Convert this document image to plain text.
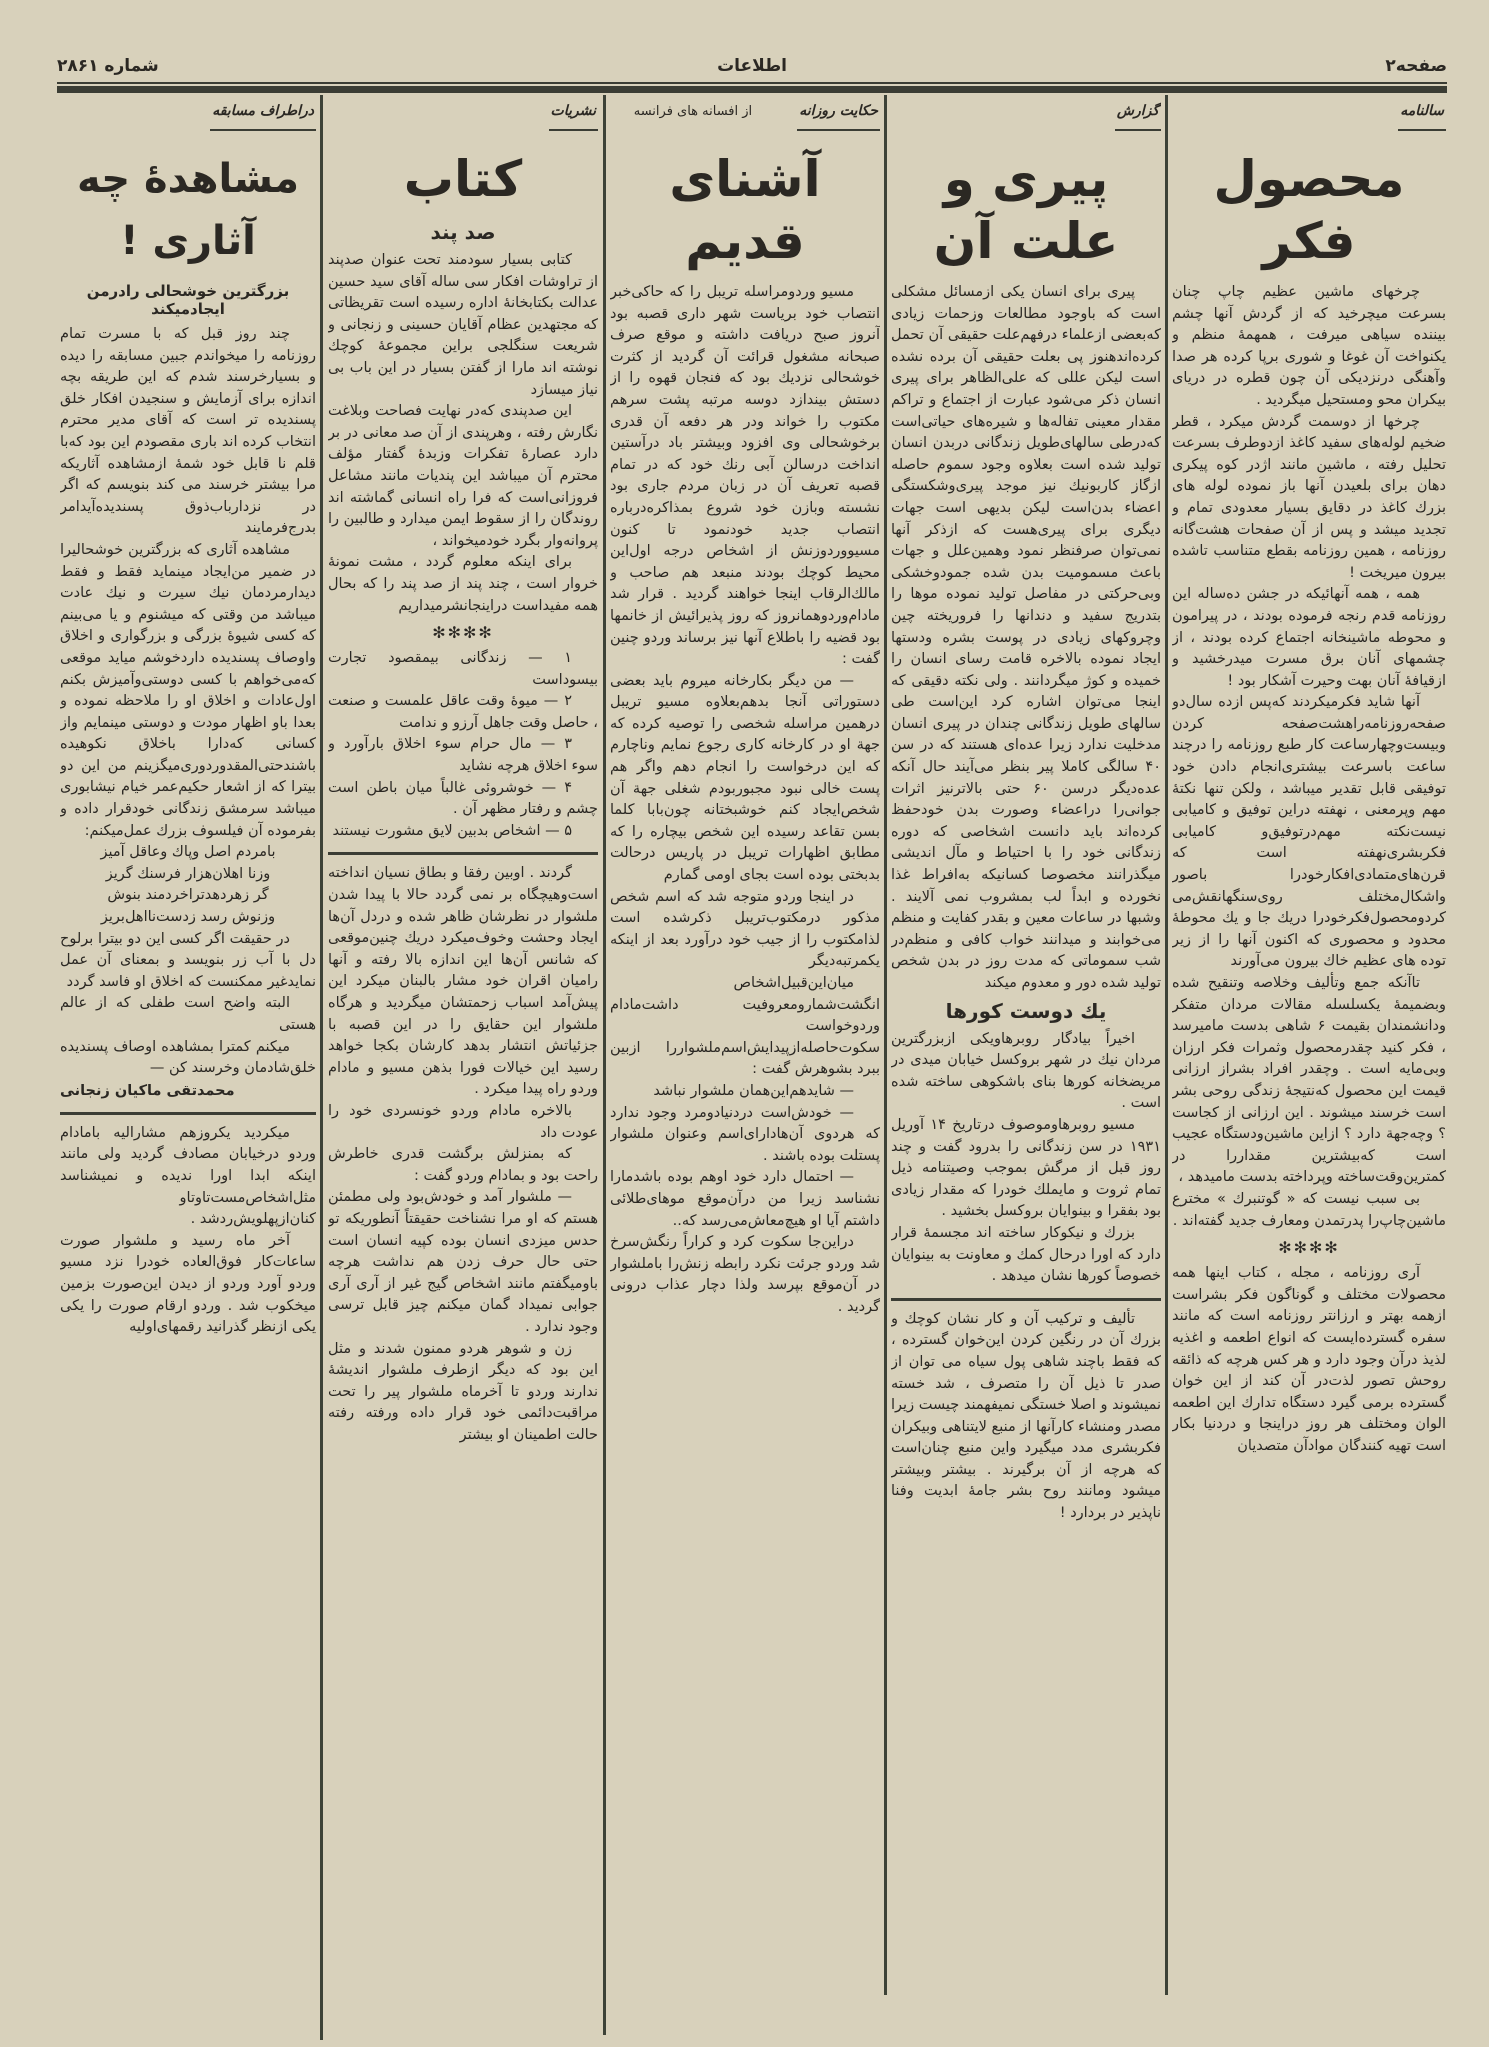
صفحه۲
اطلاعات
شماره ۲۸۶۱
سالنامه
محصول فکر

چرخهای ماشین عظیم چاپ چنان بسرعت میچرخید که از گردش آنها چشم بیننده سیاهی میرفت ، همهمهٔ منظم و یکنواخت آن غوغا و شوری برپا کرده هر صدا وآهنگی درنزدیکی آن چون قطره در دریای بیکران محو ومستحیل میگردید .

چرخها از دوسمت گردش میکرد ، قطر ضخیم لوله‌های سفید کاغذ ازدوطرف بسرعت تحلیل رفته ، ماشین مانند اژدر کوه پیکری دهان برای بلعیدن آنها باز نموده لوله های بزرك کاغذ در دقایق بسیار معدودی تمام و تجدید میشد و پس از آن صفحات هشت‌گانه روزنامه ، همین روزنامه بقطع متناسب تاشده بیرون میریخت !

همه ، همه آنهائیکه در جشن ده‌ساله این روزنامه قدم رنجه فرموده بودند ، در پیرامون و محوطه ماشینخانه اجتماع کرده بودند ، از چشمهای آنان برق مسرت میدرخشید و ازقیافهٔ آنان بهت وحیرت آشکار بود !

آنها شاید فکرمیکردند که‌پس ازده سال‌دو صفحه‌روزنامه‌راهشت‌صفحه کردن وبیست‌وچهارساعت کار طبع روزنامه را درچند ساعت باسرعت بیشتری‌انجام دادن خود توفیقی قابل تقدیر میباشد ، ولکن تنها نکتهٔ مهم وپرمعنی ، نهفته دراین توفیق و کامیابی نیست‌نکته مهم‌درتوفیق‌و کامیابی فکربشری‌نهفته است که قرن‌های‌متمادی‌افکارخودرا باصور واشکال‌مختلف روی‌سنگها‌نقش‌می کردومحصول‌فکرخودرا دریك جا و يك محوطهٔ محدود و محصوری که اکنون آنها را از زیر توده های عظیم خاك بیرون می‌آورند

تاآنکه جمع وتألیف وخلاصه وتنقیح شده وبضمیمهٔ یکسلسله مقالات مردان متفکر ودانشمندان بقیمت ۶ شاهی بدست مامیرسد ، فکر کنید چقدرمحصول وثمرات فکر ارزان وبی‌مایه است . وچقدر افراد بشراز ارزانی قیمت این محصول که‌نتیجهٔ زندگی روحی بشر است خرسند میشوند . این ارزانی از کجاست ؟ وچه‌جهة دارد ؟ ازاین ماشین‌ودستگاه عجیب است که‌بیشترین مقداررا در کمترین‌وقت‌ساخته وپرداخته بدست مامیدهد ،

بی سبب نیست که « گوتنبرك » مخترع ماشین‌چاپ‌را پدرتمدن ومعارف جدید گفته‌اند .

✻✻✻✻

آری روزنامه ، مجله ، کتاب اینها همه محصولات مختلف و گوناگون فکر بشراست ازهمه بهتر و ارزانتر روزنامه است که مانند سفره گسترده‌ایست که انواع اطعمه و اغذیه لذیذ درآن وجود دارد و هر کس هرچه که ذائقه روحش تصور لذت‌در آن کند از این خوان گسترده برمی گیرد دستگاه تدارك این اطعمه الوان ومختلف هر روز دراینجا و دردنیا بکار است تهیه کنندگان موادآن متصدیان

گزارش
پیری و علت آن

پیری برای انسان یکی ازمسائل مشکلی است که باوجود مطالعات وزحمات زیادی که‌بعضی ازعلماء درفهم‌علت حقیقی آن تحمل کرده‌اندهنوز پی بعلت حقیقی آن برده نشده است لیکن عللی که علی‌الظاهر برای پیری انسان ذکر می‌شود عبارت از اجتماع و تراکم مقدار معینی تفاله‌ها و شیره‌های حیاتی‌است که‌درطی سالهای‌طویل زندگانی دربدن انسان تولید شده است بعلاوه وجود سموم حاصله ازگاز کاربونیك نیز موجد پیری‌وشکستگی اعضاء بدن‌است لیکن بدیهی است جهات دیگری برای پیری‌هست که ازذکر آنها نمی‌توان صرفنظر نمود وهمین‌علل و جهات باعث مسمومیت بدن شده جمودوخشکی وبی‌حرکتی در مفاصل تولید نموده موها را بتدریج سفید و دندانها را فروریخته چین وچروکهای زیادی در پوست بشره ودستها ایجاد نموده بالاخره قامت رسای انسان را خمیده و کوژ میگردانند . ولی نکته دقیقی که اینجا می‌توان اشاره کرد این‌است طی سالهای طویل زندگانی چندان در پیری انسان مدخلیت ندارد زیرا عده‌ای هستند که در سن ۴۰ سالگی کاملا پیر بنظر می‌آیند حال آنکه عده‌دیگر درسن ۶۰ حتی بالاترنیز اثرات جوانی‌را دراعضاء وصورت بدن خودحفظ کرده‌اند باید دانست اشخاصی که دوره زندگانی خود را با احتیاط و مآل اندیشی میگذرانند مخصوصا کسانیکه به‌افراط غذا نخورده و ابداً لب بمشروب نمی آلایند . وشبها در ساعات معین و بقدر کفایت و منظم می‌خوابند و میدانند خواب کافی و منظم‌در شب سموماتی که مدت روز در بدن شخص تولید شده دور و معدوم میکند

يك دوست كورها

اخیراً بیادگار روبرهاویکی ازبزرگترین مردان نیك در شهر بروکسل خیابان میدی در مریضخانه کورها بنای باشکوهی ساخته شده است .

مسیو روبرهاوموصوف درتاریخ ۱۴ آوریل ۱۹۳۱ در سن زندگانی را بدرود گفت و چند روز قبل از مرگش بموجب وصیتنامه ذیل تمام ثروت و مایملك خودرا که مقدار زیادی بود بفقرا و بینوایان بروکسل بخشید .

بزرك و نیکوکار ساخته اند مجسمهٔ قرار دارد که اورا درحال کمك و معاونت به بینوایان خصوصاً کورها نشان میدهد .

تألیف و ترکیب آن و کار نشان کوچك و بزرك آن در رنگین کردن این‌خوان گسترده ، که فقط باچند شاهی پول سیاه می توان از صدر تا ذیل آن را متصرف ، شد خسته نمیشوند و اصلا خستگی نمیفهمند چیست زیرا مصدر ومنشاء کارآنها از منبع لایتناهی وبیکران فکربشری مدد میگیرد واین منبع چنان‌است که هرچه از آن برگیرند . بیشتر وبیشتر میشود ومانند روح بشر جامهٔ ابدیت وفنا ناپذیر در بردارد !

حکایت روزانه از افسانه های فرانسه
آشنای قدیم

مسیو وردومراسله تریبل را که حاکی‌خبر انتصاب خود بریاست شهر داری قصبه بود آنروز صبح دریافت داشته و موقع صرف صبحانه مشغول قرائت آن گردید از کثرت خوشحالی نزدیك بود که فنجان قهوه را از دستش بیندازد دوسه مرتبه پشت سرهم مکتوب را خواند ودر هر دفعه آن قدری برخوشحالی وی افزود وبیشتر باد درآستین انداخت درسالن آبی رنك خود که در تمام قصبه تعریف آن در زبان مردم جاری بود نشسته وبازن خود شروع بمذاکره‌درباره انتصاب جدید خودنمود تا کنون مسیووردوزنش از اشخاص درجه اول‌این محیط کوچك بودند منبعد هم صاحب و مالك‌الرقاب اینجا خواهند گردید . قرار شد مادام‌وردوهمانروز که روز پذیرائیش از خانمها بود قضیه را باطلاع آنها نیز برساند وردو چنین گفت :

— من دیگر بکارخانه میروم باید بعضی دستوراتی آنجا بدهم‌بعلاوه مسیو تریبل درهمین مراسله شخصی را توصیه کرده که جهة او در کارخانه کاری رجوع نمایم وناچارم که این درخواست را انجام دهم واگر هم پست خالی نبود مجبوربودم شغلی جهة آن شخص‌ایجاد کنم خوشبختانه چون‌بابا کلما بسن تقاعد رسیده این شخص بیچاره را که مطابق اظهارات تریبل در پاریس درحالت بدبختی بوده است بجای اومی گمارم

در اینجا وردو متوجه شد که اسم شخص مذکور درمکتوب‌تریبل ذکرشده است لذامکتوب را از جیب خود درآورد بعد از اینکه یکمرتبه‌دیگر

میان‌این‌قبیل‌اشخاص انگشت‌شمارومعروفیت داشت‌مادام وردوخواست سکوت‌حاصله‌ازپیدایش‌اسم‌ملشواررا ازبین ببرد بشوهرش گفت :

— شایدهم‌این‌همان ملشوار نباشد

— خودش‌است دردنیادومرد وجود ندارد که هردوی آن‌هادارای‌اسم وعنوان ملشوار پستلت بوده باشند .

— احتمال دارد خود اوهم بوده باشدمارا نشناسد زیرا من درآن‌موقع موهای‌طلائی داشتم آیا او هیچ‌معاش‌می‌رسد که..

دراین‌جا سکوت کرد و کراراً رنگش‌سرخ شد وردو جرئت نکرد رابطه زنش‌را باملشوار در آن‌موقع بپرسد ولذا دچار عذاب درونی گردید .

نشریات
کتاب
صد پند

کتابی بسیار سودمند تحت عنوان صدپند از تراوشات افکار سی ساله آقای سید حسین عدالت بکتابخانهٔ اداره رسیده است تقریظاتی که مجتهدین عظام آقایان حسینی و زنجانی و شریعت سنگلجی براین مجموعهٔ کوچك نوشته اند مارا از گفتن بسیار در این باب بی نیاز میسازد

این صدپندی که‌در نهایت فصاحت وبلاغت نگارش رفته ، وهرپندی از آن صد معانی در بر دارد عصارهٔ تفکرات وزبدهٔ گفتار مؤلف محترم آن میباشد این پندیات مانند مشاعل فروزانی‌است که فرا راه انسانی گماشته اند روندگان را از سقوط ایمن میدارد و طالبین را پروانه‌وار بگرد خودمیخواند ،

برای اینکه معلوم گردد ، مشت نمونهٔ خروار است ، چند پند از صد پند را که بحال همه مفیداست دراینجانشرمیداریم

✻✻✻✻

۱ — زندگانی بیمقصود تجارت بیسوداست

۲ — میوهٔ وقت عاقل علمست و صنعت ، حاصل وقت جاهل آرزو و ندامت

۳ — مال حرام سوء اخلاق بارآورد و سوء اخلاق هرچه نشاید

۴ — خوشروئی غالباً میان باطن است چشم و رفتار مظهر آن .

۵ — اشخاص بدبین لایق مشورت نیستند

گردند . اوبین رفقا و بطاق نسیان انداخته است‌وهیچگاه بر نمی گردد حالا با پیدا شدن ملشوار در نظرشان ظاهر شده و دردل آن‌ها ایجاد وحشت وخوف‌میکرد دریك چنین‌موقعی که شانس آن‌ها این اندازه بالا رفته و آنها رامیان اقران خود مشار بالبنان میکرد این پیش‌آمد اسباب زحمتشان میگردید و هرگاه ملشوار این حقایق را در این قصبه با جزئیاتش انتشار بدهد کارشان بکجا خواهد رسید این خیالات فورا بذهن مسیو و مادام وردو راه پیدا میکرد .

بالاخره مادام وردو خونسردی خود را عودت داد

که بمنزلش برگشت قدری خاطرش راحت بود و بمادام وردو گفت :

— ملشوار آمد و خودش‌بود ولی مطمئن هستم که او مرا نشناخت حقیقتاً آنطوریکه تو حدس میزدی انسان بوده کپیه انسان است حتی حال حرف زدن هم نداشت هرچه باومیگفتم مانند اشخاص گیج غیر از آری آری جوابی نمیداد گمان میکنم چیز قابل ترسی وجود ندارد .

زن و شوهر هردو ممنون شدند و مثل این بود که دیگر ازطرف ملشوار اندیشهٔ ندارند وردو تا آخرماه ملشوار پیر را تحت مراقبت‌دائمی خود قرار داده ورفته رفته حالت اطمینان او بیشتر

دراطراف مسابقه
مشاهدهٔ چه آثاری !
بزرگترین خوشحالی رادرمن ایجادمیکند

چند روز قبل که با مسرت تمام روزنامه را میخواندم جبین مسابقه را دیده و بسیارخرسند شدم که این طریقه بچه اندازه برای آزمایش و سنجیدن افکار خلق پسندیده تر است که آقای مدیر محترم انتخاب کرده اند باری مقصودم این بود که‌با قلم نا قابل خود شمهٔ ازمشاهده آثاریکه مرا بیشتر خرسند می کند بنویسم که اگر در نزدارباب‌ذوق پسندیده‌آیدامر بدرج‌فرمایند

مشاهده آثاری که بزرگترین خوشحالیرا در ضمیر من‌ایجاد مینماید فقط و فقط دیدارمردمان نیك سیرت و نیك عادت میباشد من وقتی که میشنوم و یا می‌بینم که کسی شیوهٔ بزرگی و بزرگواری و اخلاق واوصاف پسندیده داردخوشم میاید موقعی که‌می‌خواهم با کسی دوستی‌وآمیزش بکنم اول‌عادات و اخلاق او را ملاحظه نموده و بعدا باو اظهار مودت و دوستی مینمایم واز کسانی که‌دارا باخلاق نکوهیده باشندحتی‌المقدوردوری‌میگزینم من این دو بیترا که از اشعار حکیم‌عمر خیام نیشابوری میباشد سرمشق زندگانی خودقرار داده و بفرموده آن فیلسوف بزرك عمل‌میکنم:

بامردم اصل وپاك وعاقل آمیز

وزنا اهلان‌هزار فرسنك گریز

گر زهردهدتراخردمند بنوش

وزنوش رسد زدست‌نااهل‌بریز

در حقیقت اگر کسی این دو بیترا برلوح دل با آب زر بنویسد و بمعنای آن عمل نمایدغیر ممکنست که اخلاق او فاسد گردد

البته واضح است طفلی که از عالم هستی

میکنم کمترا بمشاهده اوصاف پسندیده خلق‌شادمان وخرسند کن —

محمدتقی ماکیان زنجانی

میکردید یکروزهم مشارالیه بامادام وردو درخیابان مصادف گردید ولی مانند اینکه ابدا اورا ندیده و نمیشناسد مثل‌اشخاص‌مست‌تاوتاو کنان‌ازپهلویش‌ردشد .

آخر ماه رسید و ملشوار صورت ساعات‌کار فوق‌العاده خودرا نزد مسیو وردو آورد وردو از دیدن این‌صورت بزمین میخکوب شد . وردو ارقام صورت را یکی یکی ازنظر گذرانید رقمهای‌اولیه
